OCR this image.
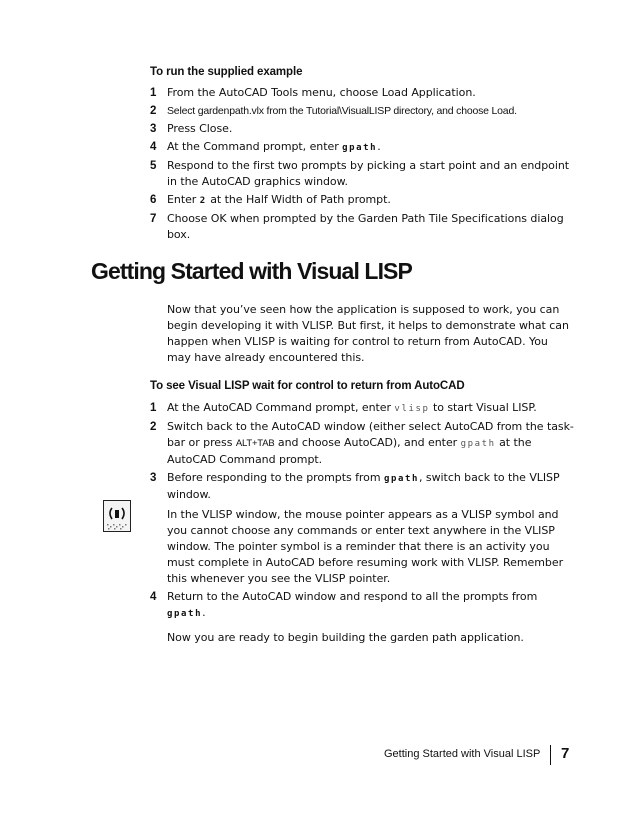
To run the supplied example
1 From the AutoCAD Tools menu, choose Load Application.
2 Select gardenpath.vlx from the Tutorial\VisualLISP directory, and choose Load.
3 Press Close.
4 At the Command prompt, enter gpath.
5 Respond to the first two prompts by picking a start point and an endpoint in the AutoCAD graphics window.
6 Enter 2 at the Half Width of Path prompt.
7 Choose OK when prompted by the Garden Path Tile Specifications dialog box.
Getting Started with Visual LISP

Now that you’ve seen how the application is supposed to work, you can begin developing it with VLISP. But first, it helps to demonstrate what can happen when VLISP is waiting for control to return from AutoCAD. You may have already encountered this.

To see Visual LISP wait for control to return from AutoCAD
1 At the AutoCAD Command prompt, enter vlisp to start Visual LISP.
2 Switch back to the AutoCAD window (either select AutoCAD from the task-bar or press ALT+TAB and choose AutoCAD), and enter gpath at the AutoCAD Command prompt.
3 Before responding to the prompts from gpath, switch back to the VLISP window.
In the VLISP window, the mouse pointer appears as a VLISP symbol and you cannot choose any commands or enter text anywhere in the VLISP window. The pointer symbol is a reminder that there is an activity you must complete in AutoCAD before resuming work with VLISP. Remember this whenever you see the VLISP pointer.
4 Return to the AutoCAD window and respond to all the prompts from gpath.
Now you are ready to begin building the garden path application.
Getting Started with Visual LISP 7
